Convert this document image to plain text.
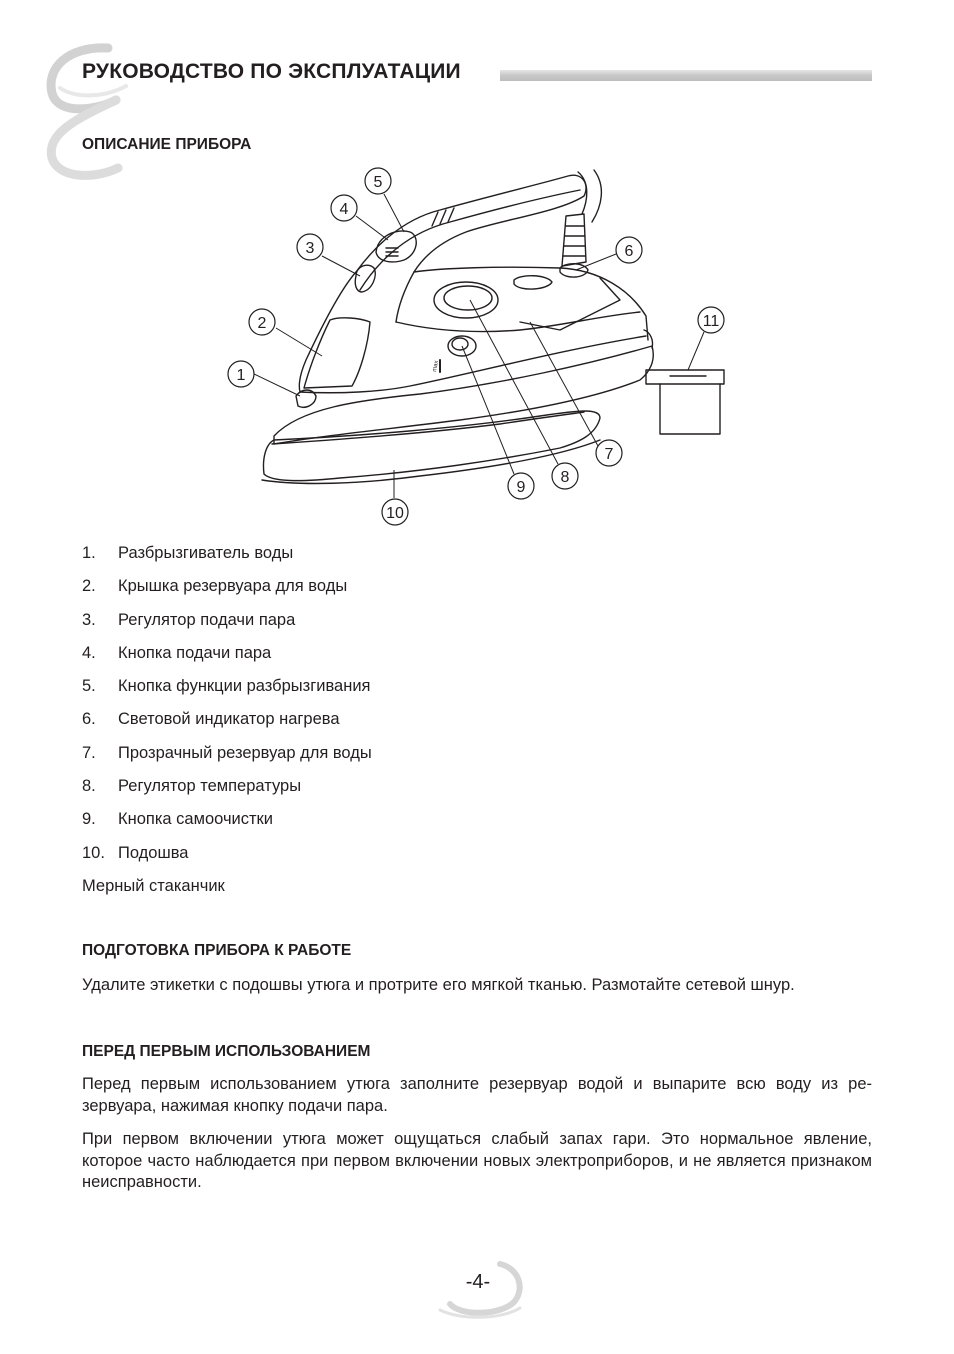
РУКОВОДСТВО ПО ЭКСПЛУАТАЦИИ
ОПИСАНИЕ ПРИБОРА
1
2
3
4
5
6
7
8
9
10
11
max
1. Разбрызгиватель воды
2. Крышка резервуара для воды
3. Регулятор подачи пара
4. Кнопка подачи пара
5. Кнопка функции разбрызгивания
6. Световой индикатор нагрева
7. Прозрачный резервуар для воды
8. Регулятор температуры
9. Кнопка самоочистки
10. Подошва

Мерный стаканчик

ПОДГОТОВКА ПРИБОРА К РАБОТЕ

Удалите этикетки с подошвы утюга и протрите его мягкой тканью. Размотайте сетевой шнур.

ПЕРЕД ПЕРВЫМ ИСПОЛЬЗОВАНИЕМ

Перед первым использованием утюга заполните резервуар водой и выпарите всю воду из резервуара, нажимая кнопку подачи пара.

При первом включении утюга может ощущаться слабый запах гари. Это нормальное явление, которое часто наблюдается при первом включении новых электроприборов, и не является признаком неисправности.

-4-
